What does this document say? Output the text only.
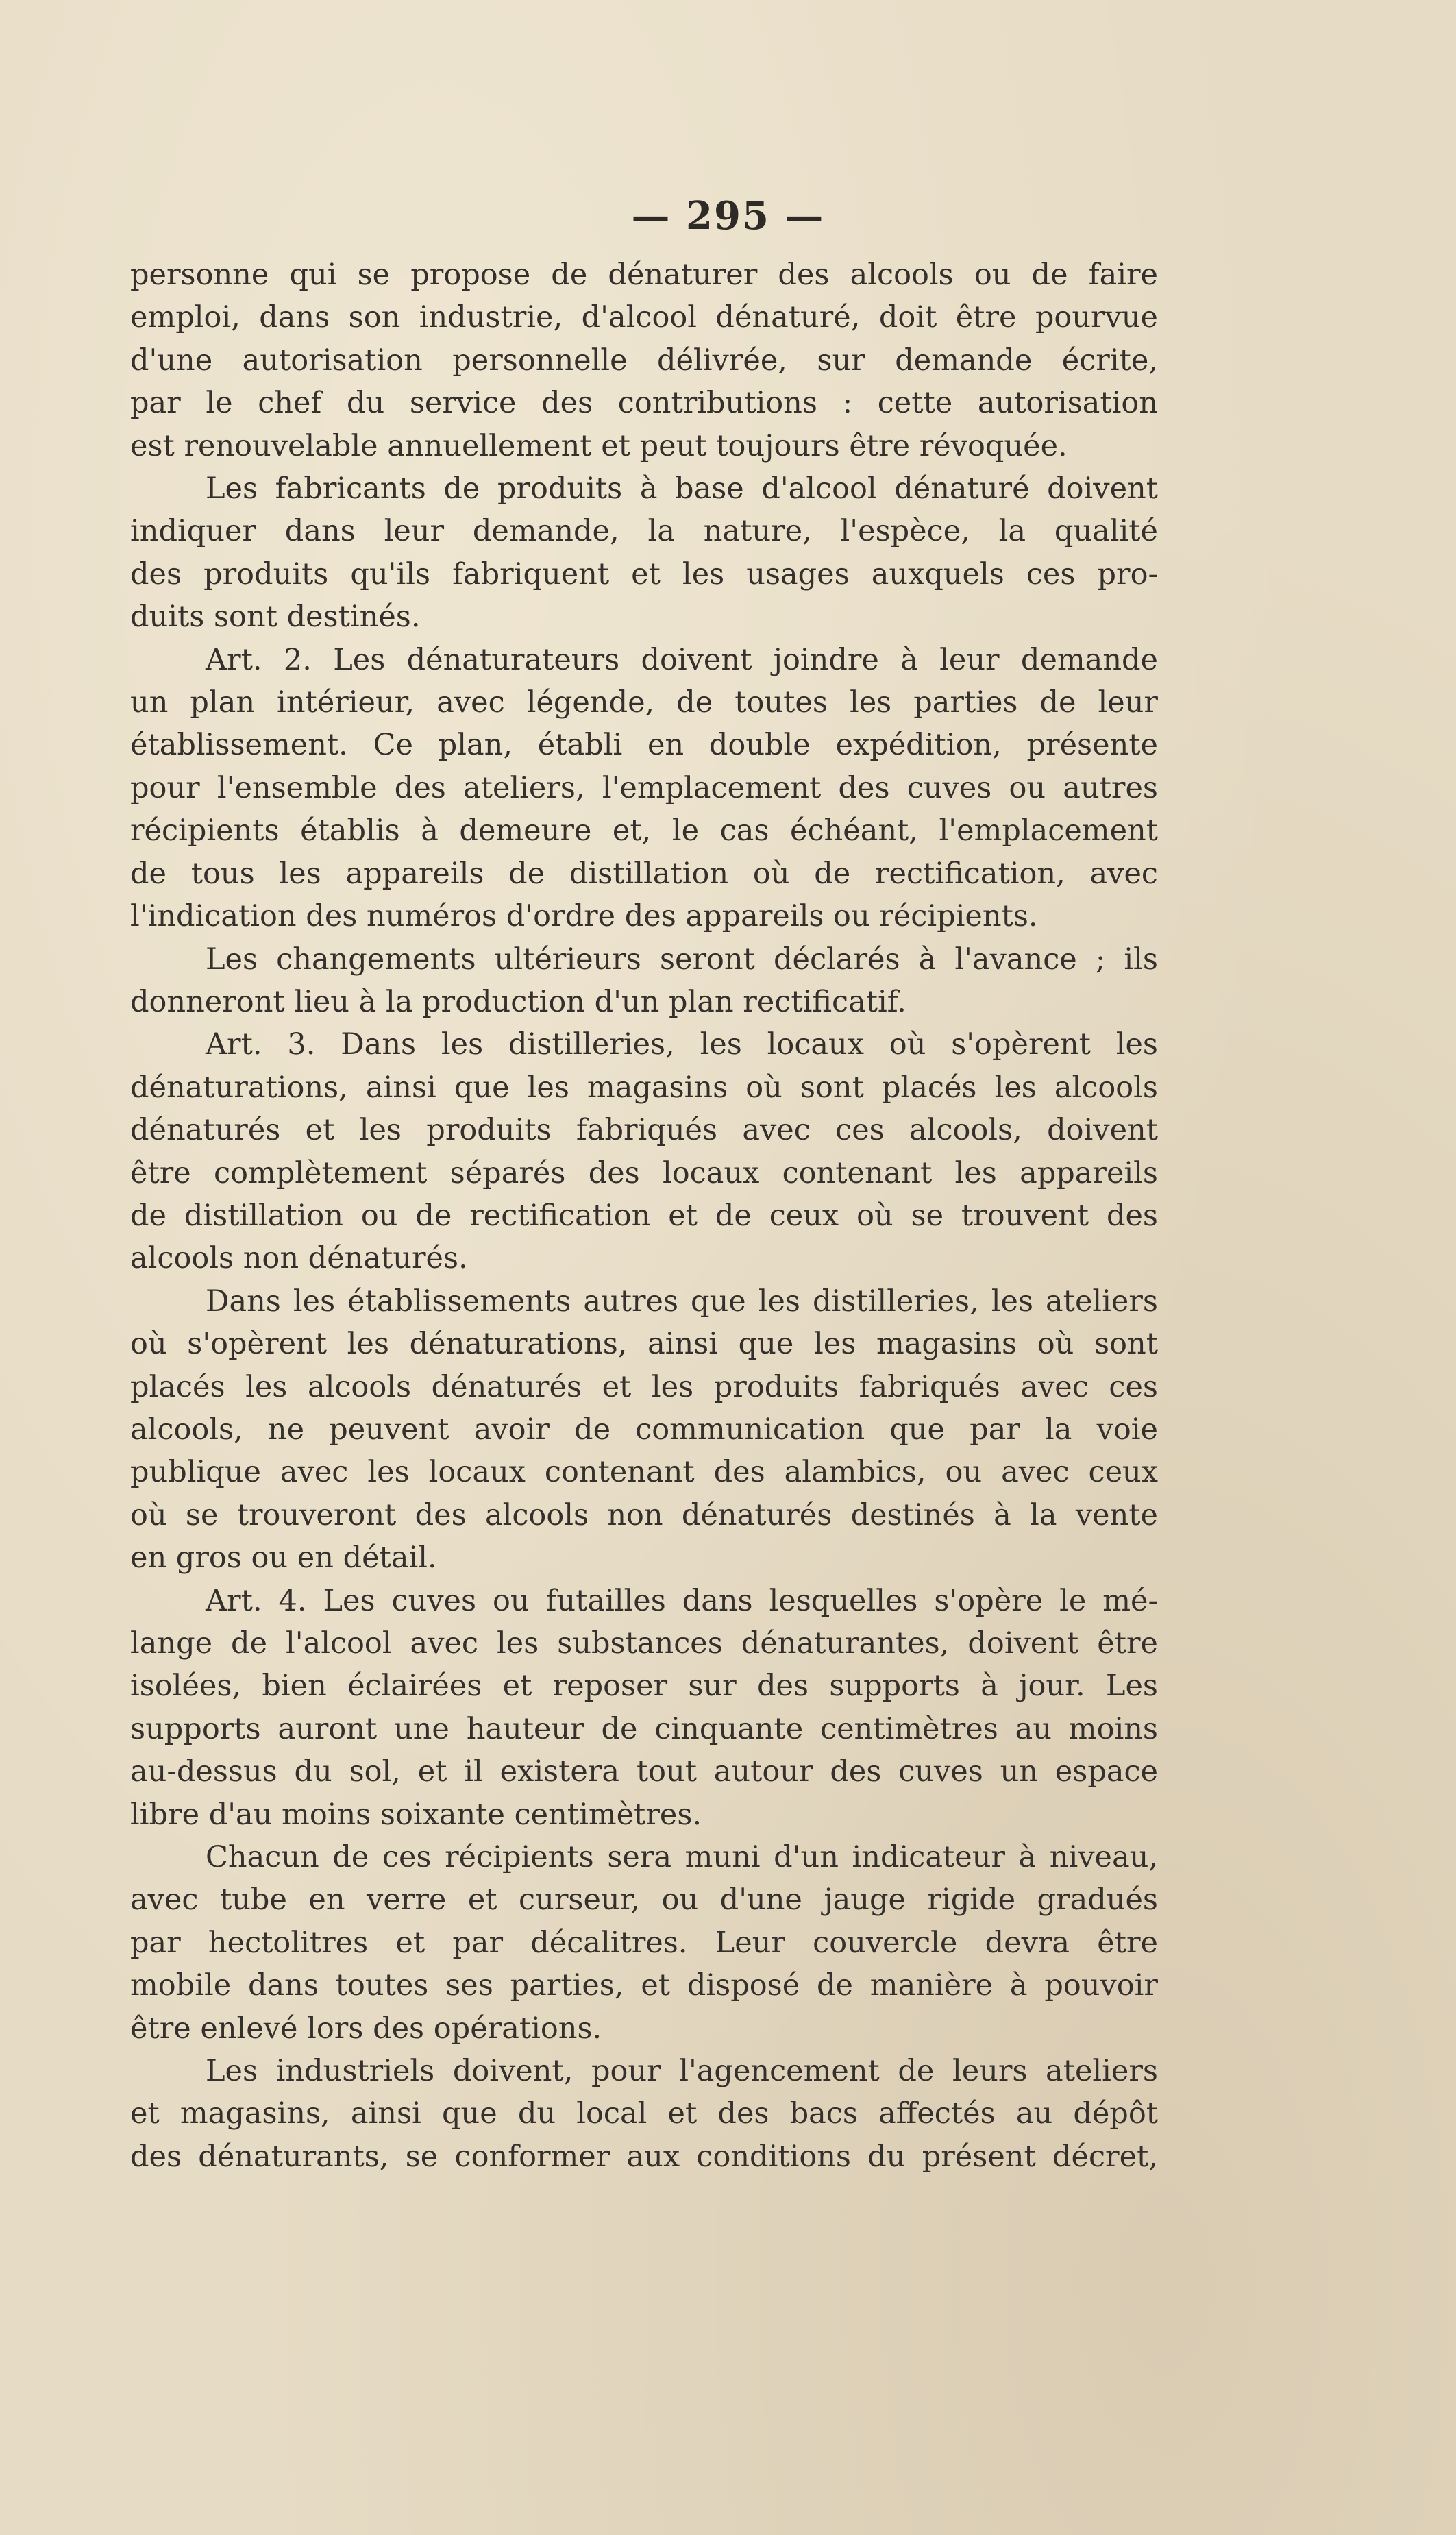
— 295 —
personne qui se propose de dénaturer des alcools ou de faire
emploi, dans son industrie, d'alcool dénaturé, doit être pourvue
d'une autorisation personnelle délivrée, sur demande écrite,
par le chef du service des contributions : cette autorisation
est renouvelable annuellement et peut toujours être révoquée.
Les fabricants de produits à base d'alcool dénaturé doivent
indiquer dans leur demande, la nature, l'espèce, la qualité
des produits qu'ils fabriquent et les usages auxquels ces pro-
duits sont destinés.
Art. 2. Les dénaturateurs doivent joindre à leur demande
un plan intérieur, avec légende, de toutes les parties de leur
établissement. Ce plan, établi en double expédition, présente
pour l'ensemble des ateliers, l'emplacement des cuves ou autres
récipients établis à demeure et, le cas échéant, l'emplacement
de tous les appareils de distillation où de rectification, avec
l'indication des numéros d'ordre des appareils ou récipients.
Les changements ultérieurs seront déclarés à l'avance ; ils
donneront lieu à la production d'un plan rectificatif.
Art. 3. Dans les distilleries, les locaux où s'opèrent les
dénaturations, ainsi que les magasins où sont placés les alcools
dénaturés et les produits fabriqués avec ces alcools, doivent
être complètement séparés des locaux contenant les appareils
de distillation ou de rectification et de ceux où se trouvent des
alcools non dénaturés.
Dans les établissements autres que les distilleries, les ateliers
où s'opèrent les dénaturations, ainsi que les magasins où sont
placés les alcools dénaturés et les produits fabriqués avec ces
alcools, ne peuvent avoir de communication que par la voie
publique avec les locaux contenant des alambics, ou avec ceux
où se trouveront des alcools non dénaturés destinés à la vente
en gros ou en détail.
Art. 4. Les cuves ou futailles dans lesquelles s'opère le mé-
lange de l'alcool avec les substances dénaturantes, doivent être
isolées, bien éclairées et reposer sur des supports à jour. Les
supports auront une hauteur de cinquante centimètres au moins
au-dessus du sol, et il existera tout autour des cuves un espace
libre d'au moins soixante centimètres.
Chacun de ces récipients sera muni d'un indicateur à niveau,
avec tube en verre et curseur, ou d'une jauge rigide gradués
par hectolitres et par décalitres. Leur couvercle devra être
mobile dans toutes ses parties, et disposé de manière à pouvoir
être enlevé lors des opérations.
Les industriels doivent, pour l'agencement de leurs ateliers
et magasins, ainsi que du local et des bacs affectés au dépôt
des dénaturants, se conformer aux conditions du présent décret,
